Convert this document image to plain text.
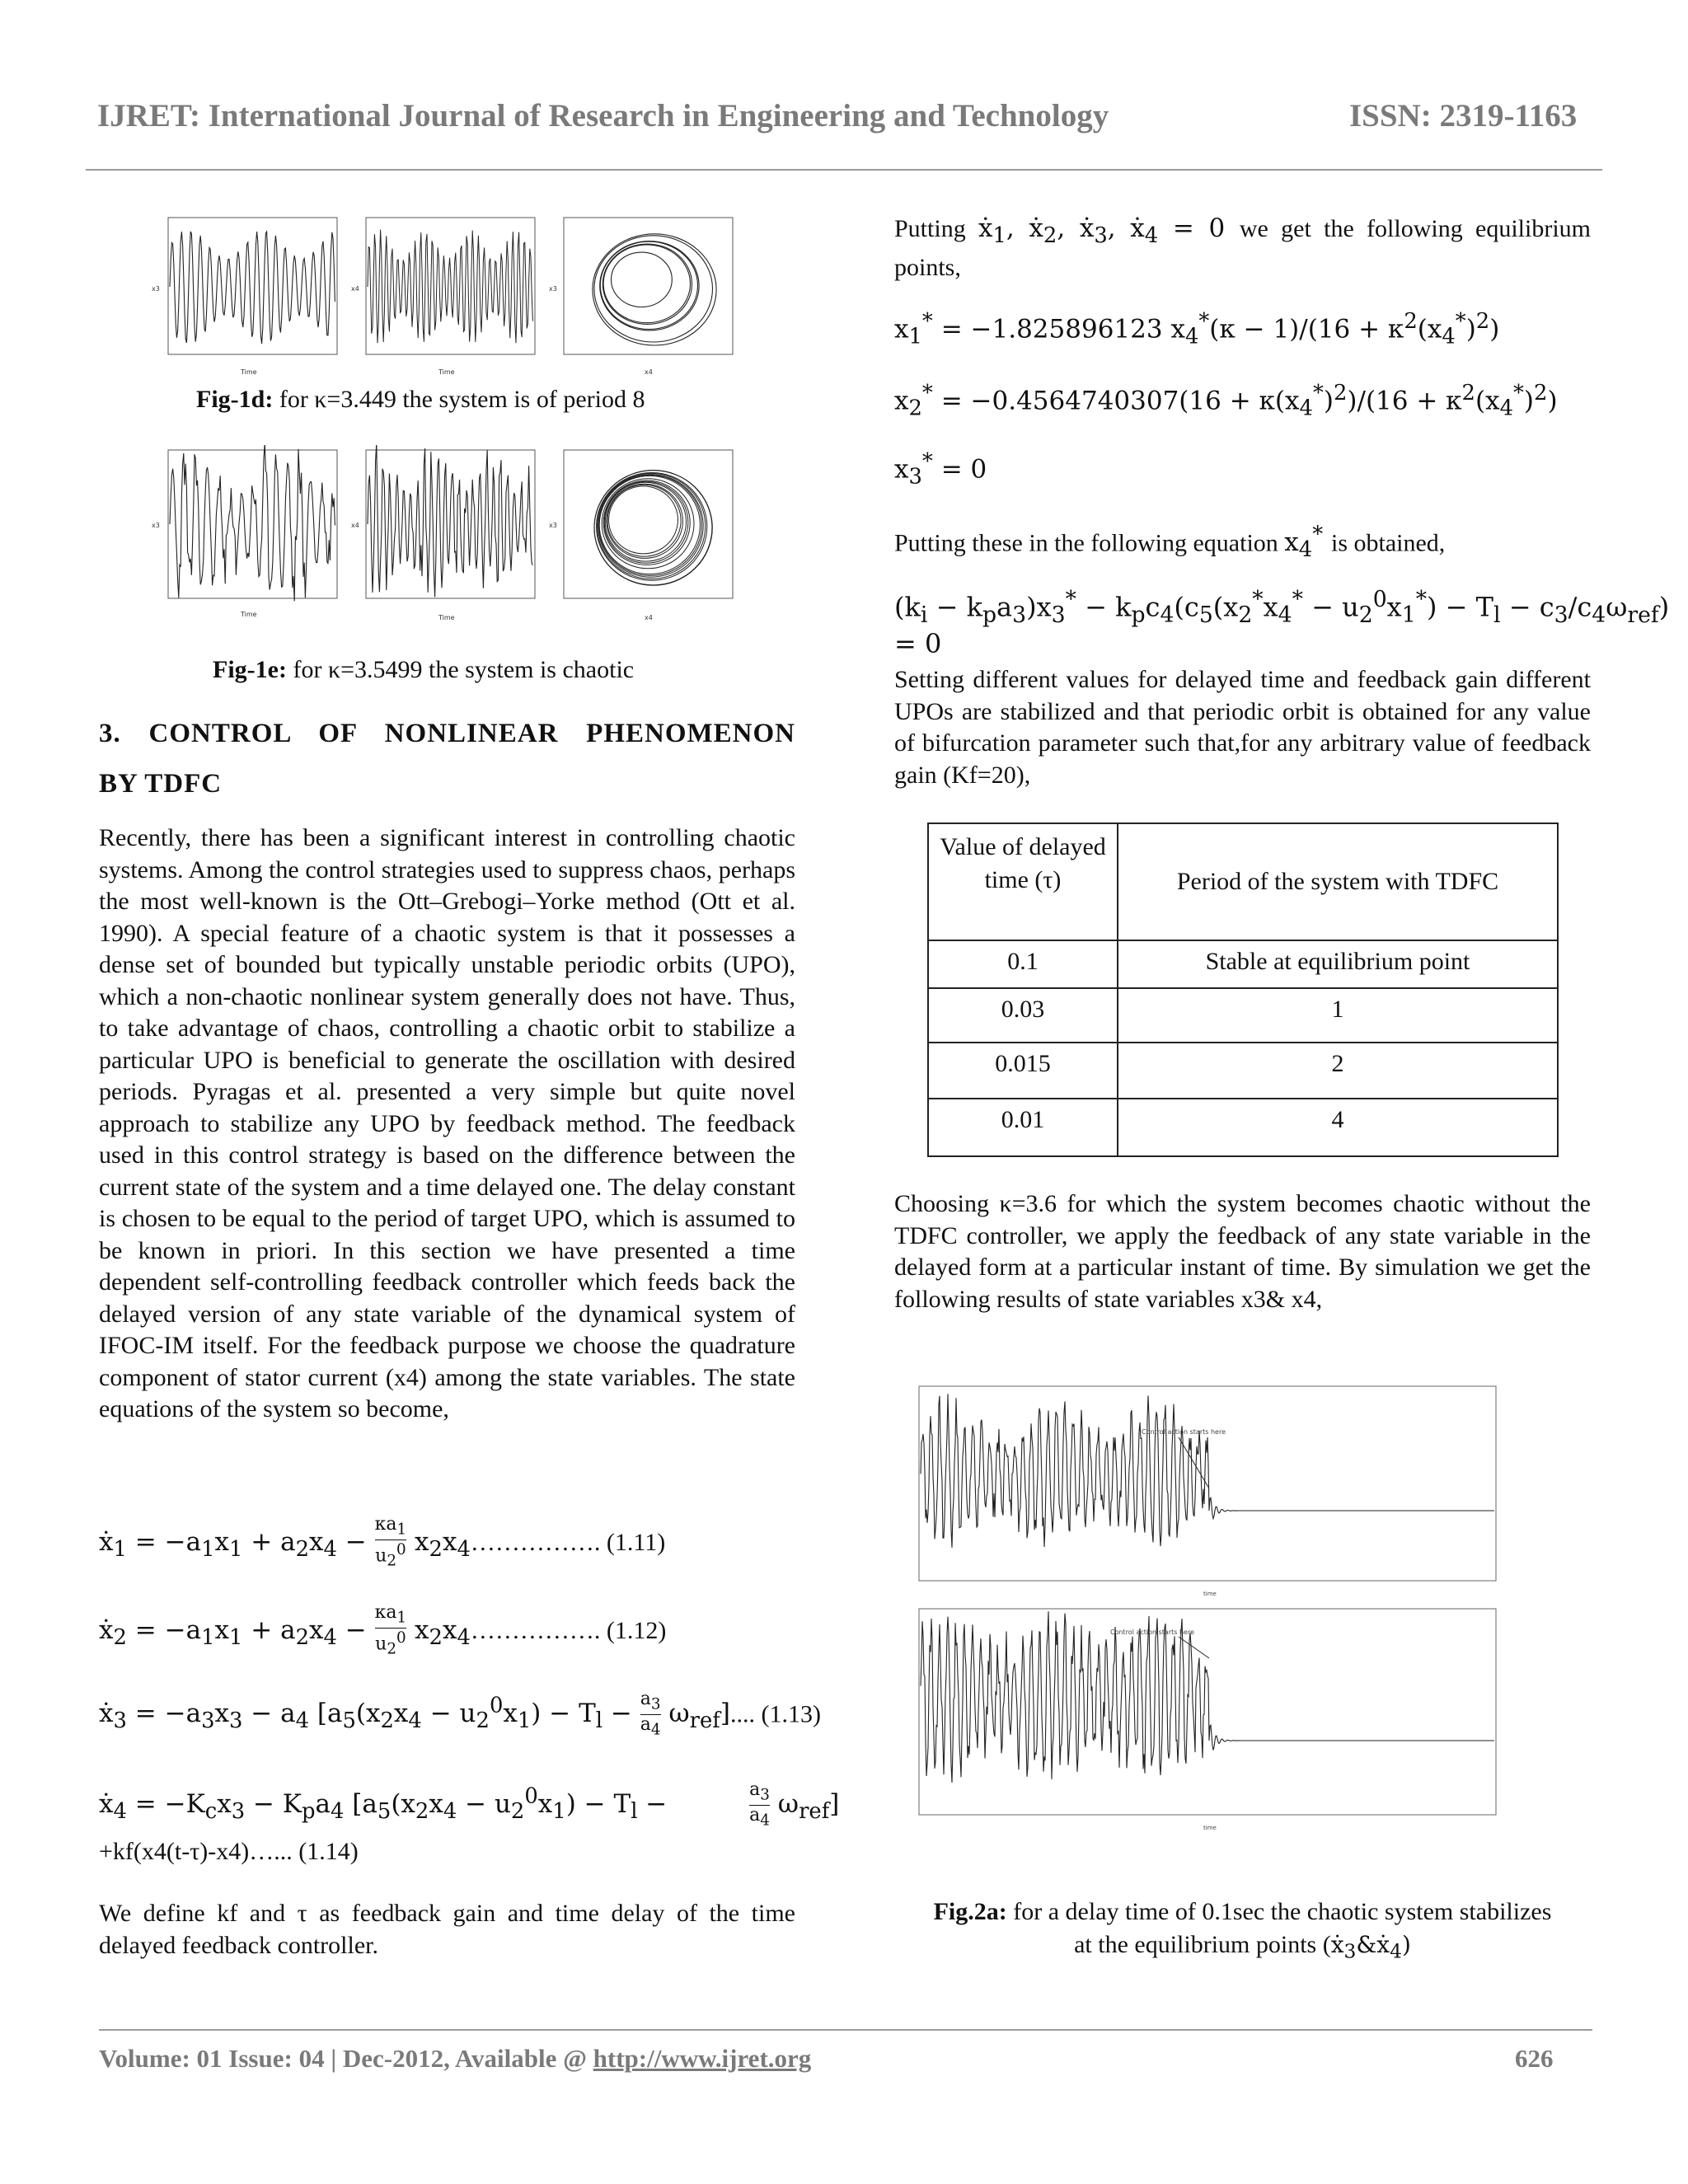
IJRET: International Journal of Research in Engineering and Technology	ISSN: 2319-1163
Time
x3
Time
x4
x4
x3
Fig-1d: for κ=3.449 the system is of period 8
Time
x3
Time
x4
x4
x3
Fig-1e: for κ=3.5499 the system is chaotic
3. CONTROL OF NONLINEAR PHENOMENON
BY TDFC
Recently, there has been a significant interest in controlling chaotic systems. Among the control strategies used to suppress chaos, perhaps the most well-known is the Ott–Grebogi–Yorke method (Ott et al. 1990). A special feature of a chaotic system is that it possesses a dense set of bounded but typically unstable periodic orbits (UPO), which a non-chaotic nonlinear system generally does not have. Thus, to take advantage of chaos, controlling a chaotic orbit to stabilize a particular UPO is beneficial to generate the oscillation with desired periods. Pyragas et al. presented a very simple but quite novel approach to stabilize any UPO by feedback method. The feedback used in this control strategy is based on the difference between the current state of the system and a time delayed one. The delay constant is chosen to be equal to the period of target UPO, which is assumed to be known in priori. In this section we have presented a time dependent self-controlling feedback controller which feeds back the delayed version of any state variable of the dynamical system of IFOC-IM itself. For the feedback purpose we choose the quadrature component of stator current (x4) among the state variables. The state equations of the system so become,
ẋ$_1$ = $-a_1x_1 + a_2x_4$ −
$\kappa a_1$
$u_2^0$ $x_2x_4\dots\dots\dots\dots\dots$. (1.11)
ẋ$_2$ = $-a_1x_1 + a_2x_4$ −
$\kappa a_1$
$u_2^0$ $x_2x_4\dots\dots\dots\dots\dots$. (1.12)
ẋ$_3$ = $-a_3x_3 - a_4$ [$a_5(x_2x_4 - u_2^0x_1) - T_l - a_3$
$a_4$ $\omega_{ref}$].... (1.13)
ẋ$_4$ = $-K_cx_3 - K_pa_4$ [$a_5(x_2x_4 - u_2^0x_1) - T_l$ −	$a_3$
$a_4$ $\omega_{ref}$]
+kf(x4(t-τ)-x4)…... (1.14)
We define kf and τ as feedback gain and time delay of the time delayed feedback controller.
Putting ẋ$_1$, ẋ$_2$, ẋ$_3$, ẋ$_4$ = 0 we get the following equilibrium points,
$x_1^* = -1.825896123$ $x_4^*(\kappa - 1)/(16 + \kappa^2(x_4^*)^2)$
$x_2^* = -0.4564740307(16 + \kappa(x_4^*)^2)/(16 + \kappa^2(x_4^*)^2)$
$x_3^* = 0$
Putting these in the following equation $x_4^*$ is obtained,
$(k_i - k_pa_3)x_3^* - k_pc_4(c_5(x_2^*x_4^* - u_2^0x_1^*) - T_l - c_3/c_4\omega_{ref}) = 0$
Setting different values for delayed time and feedback gain different UPOs are stabilized and that periodic orbit is obtained for any value of bifurcation parameter such that,for any arbitrary value of feedback gain (Kf=20),
Value of delayed time (τ)	Period of the system with TDFC
0.1	Stable at equilibrium point
0.03	1
0.015	2
0.01	4
Choosing κ=3.6 for which the system becomes chaotic without the TDFC controller, we apply the feedback of any state variable in the delayed form at a particular instant of time. By simulation we get the following results of state variables x3& x4,
Control action starts here
time
Control action starts here
time
Fig.2a: for a delay time of 0.1sec the chaotic system stabilizes
at the equilibrium points (ẋ$_3$&ẋ$_4$)
Volume: 01 Issue: 04 | Dec-2012, Available @ http://www.ijret.org	626
